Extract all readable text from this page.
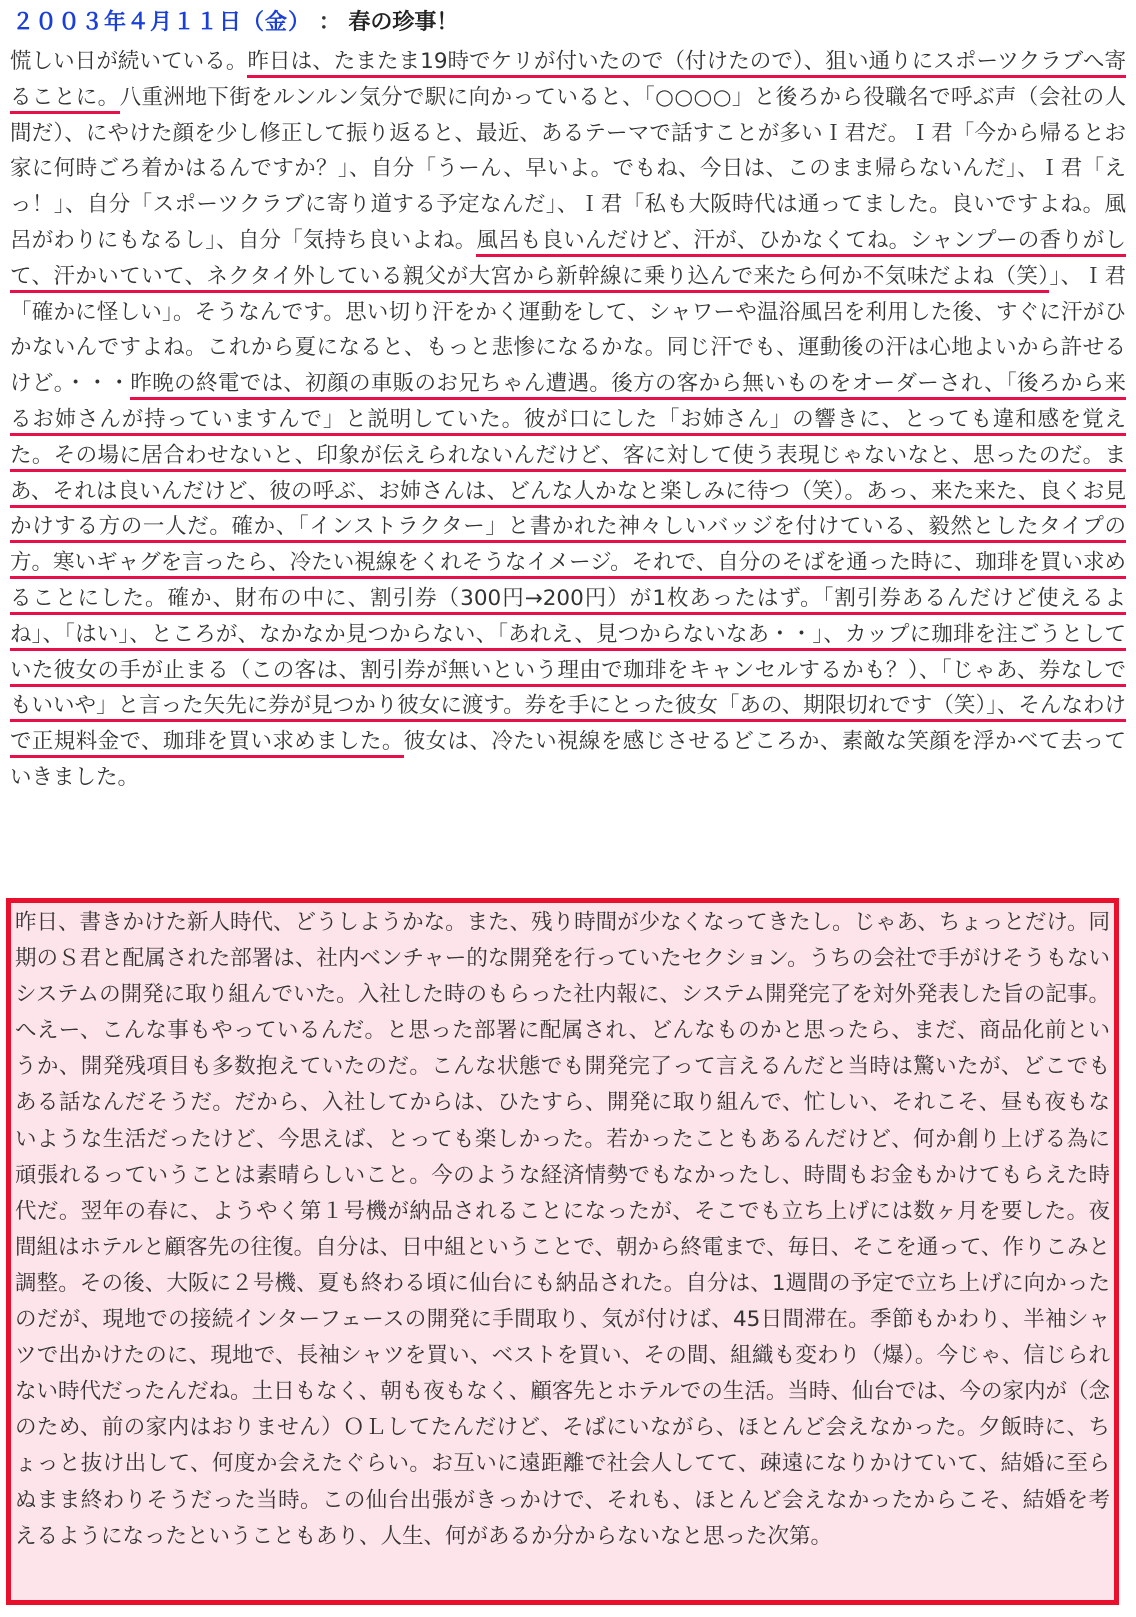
２００３年４月１１日（金） ： 春の珍事！

慌しい日が続いている。昨日は、たまたま19時でケリが付いたので（付けたので）、狙い通りにスポーツクラブへ寄ることに。八重洲地下街をルンルン気分で駅に向かっていると、「○○○○」と後ろから役職名で呼ぶ声（会社の人間だ）、にやけた顔を少し修正して振り返ると、最近、あるテーマで話すことが多いＩ君だ。Ｉ君「今から帰るとお家に何時ごろ着かはるんですか？」、自分「うーん、早いよ。でもね、今日は、このまま帰らないんだ」、Ｉ君「えっ！」、自分「スポーツクラブに寄り道する予定なんだ」、Ｉ君「私も大阪時代は通ってました。良いですよね。風呂がわりにもなるし」、自分「気持ち良いよね。風呂も良いんだけど、汗が、ひかなくてね。シャンプーの香りがして、汗かいていて、ネクタイ外している親父が大宮から新幹線に乗り込んで来たら何か不気味だよね（笑）」、Ｉ君「確かに怪しい」。そうなんです。思い切り汗をかく運動をして、シャワーや温浴風呂を利用した後、すぐに汗がひかないんですよね。これから夏になると、もっと悲惨になるかな。同じ汗でも、運動後の汗は心地よいから許せるけど。・・・昨晩の終電では、初顔の車販のお兄ちゃん遭遇。後方の客から無いものをオーダーされ、「後ろから来るお姉さんが持っていますんで」と説明していた。彼が口にした「お姉さん」の響きに、とっても違和感を覚えた。その場に居合わせないと、印象が伝えられないんだけど、客に対して使う表現じゃないなと、思ったのだ。まあ、それは良いんだけど、彼の呼ぶ、お姉さんは、どんな人かなと楽しみに待つ（笑）。あっ、来た来た、良くお見かけする方の一人だ。確か、「インストラクター」と書かれた神々しいバッジを付けている、毅然としたタイプの方。寒いギャグを言ったら、冷たい視線をくれそうなイメージ。それで、自分のそばを通った時に、珈琲を買い求めることにした。確か、財布の中に、割引券（300円→200円）が1枚あったはず。「割引券あるんだけど使えるよね」、「はい」、ところが、なかなか見つからない、「あれえ、見つからないなあ・・」、カップに珈琲を注ごうとしていた彼女の手が止まる（この客は、割引券が無いという理由で珈琲をキャンセルするかも？）、「じゃあ、券なしでもいいや」と言った矢先に券が見つかり彼女に渡す。券を手にとった彼女「あの、期限切れです（笑）」、そんなわけで正規料金で、珈琲を買い求めました。彼女は、冷たい視線を感じさせるどころか、素敵な笑顔を浮かべて去っていきました。

昨日、書きかけた新人時代、どうしようかな。また、残り時間が少なくなってきたし。じゃあ、ちょっとだけ。同期のＳ君と配属された部署は、社内ベンチャー的な開発を行っていたセクション。うちの会社で手がけそうもないシステムの開発に取り組んでいた。入社した時のもらった社内報に、システム開発完了を対外発表した旨の記事。へえー、こんな事もやっているんだ。と思った部署に配属され、どんなものかと思ったら、まだ、商品化前というか、開発残項目も多数抱えていたのだ。こんな状態でも開発完了って言えるんだと当時は驚いたが、どこでもある話なんだそうだ。だから、入社してからは、ひたすら、開発に取り組んで、忙しい、それこそ、昼も夜もないような生活だったけど、今思えば、とっても楽しかった。若かったこともあるんだけど、何か創り上げる為に頑張れるっていうことは素晴らしいこと。今のような経済情勢でもなかったし、時間もお金もかけてもらえた時代だ。翌年の春に、ようやく第１号機が納品されることになったが、そこでも立ち上げには数ヶ月を要した。夜間組はホテルと顧客先の往復。自分は、日中組ということで、朝から終電まで、毎日、そこを通って、作りこみと調整。その後、大阪に２号機、夏も終わる頃に仙台にも納品された。自分は、1週間の予定で立ち上げに向かったのだが、現地での接続インターフェースの開発に手間取り、気が付けば、45日間滞在。季節もかわり、半袖シャツで出かけたのに、現地で、長袖シャツを買い、ベストを買い、その間、組織も変わり（爆）。今じゃ、信じられない時代だったんだね。土日もなく、朝も夜もなく、顧客先とホテルでの生活。当時、仙台では、今の家内が（念のため、前の家内はおりません）ＯＬしてたんだけど、そばにいながら、ほとんど会えなかった。夕飯時に、ちょっと抜け出して、何度か会えたぐらい。お互いに遠距離で社会人してて、疎遠になりかけていて、結婚に至らぬまま終わりそうだった当時。この仙台出張がきっかけで、それも、ほとんど会えなかったからこそ、結婚を考えるようになったということもあり、人生、何があるか分からないなと思った次第。
